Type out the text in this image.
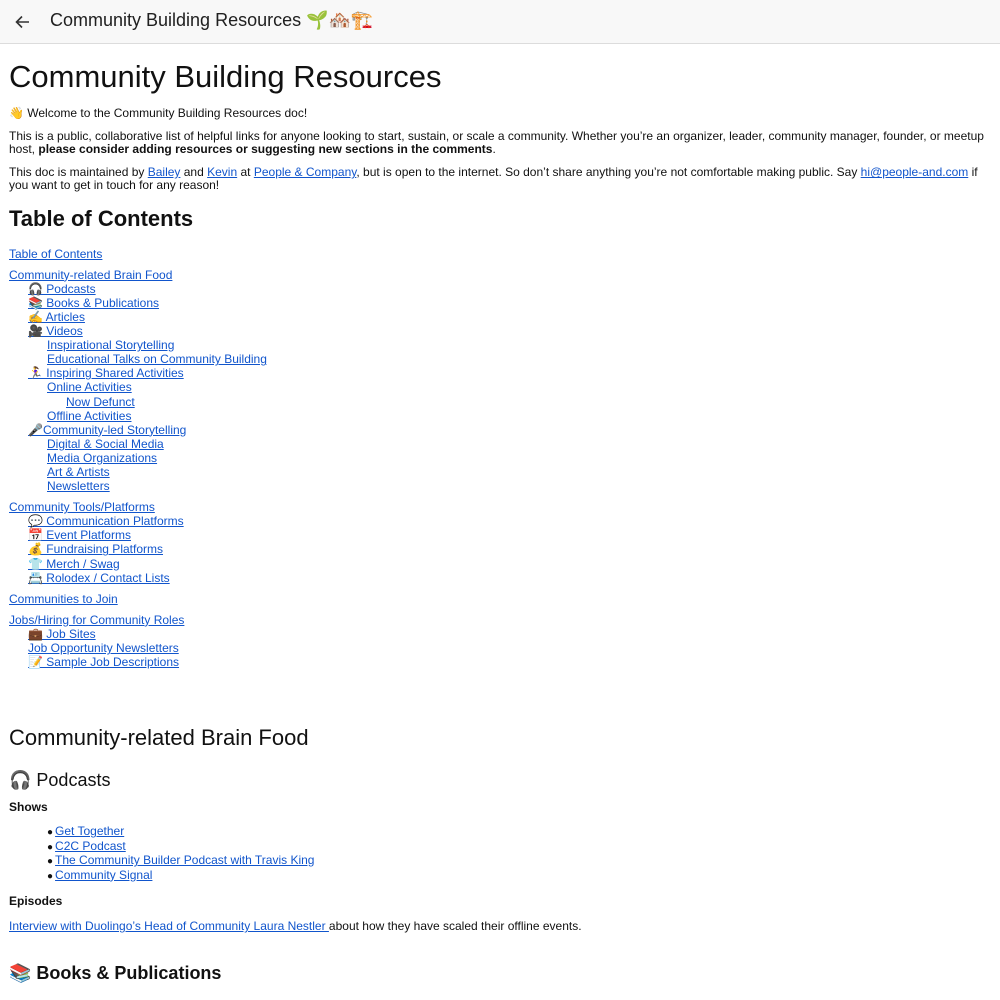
Community Building Resources 🌱🏘️🏗️
Community Building Resources

👋 Welcome to the Community Building Resources doc!

This is a public, collaborative list of helpful links for anyone looking to start, sustain, or scale a community. Whether you’re an organizer, leader, community manager, founder, or meetup host, please consider adding resources or suggesting new sections in the comments.

This doc is maintained by Bailey and Kevin at People & Company, but is open to the internet. So don’t share anything you’re not comfortable making public. Say hi@people-and.com if you want to get in touch for any reason!

Table of Contents
Table of Contents
Community-related Brain Food
🎧 Podcasts
📚 Books & Publications
✍️ Articles
🎥 Videos
Inspirational Storytelling
Educational Talks on Community Building
🏃‍♀️ Inspiring Shared Activities
Online Activities
Now Defunct
Offline Activities
🎤Community-led Storytelling
Digital & Social Media
Media Organizations
Art & Artists
Newsletters
Community Tools/Platforms
💬 Communication Platforms
📅 Event Platforms
💰 Fundraising Platforms
👕 Merch / Swag
📇 Rolodex / Contact Lists
Communities to Join
Jobs/Hiring for Community Roles
💼 Job Sites
Job Opportunity Newsletters
📝 Sample Job Descriptions
Community-related Brain Food
🎧 Podcasts

Shows

● Get Together
● C2C Podcast
● The Community Builder Podcast with Travis King
● Community Signal

Episodes

Interview with Duolingo’s Head of Community Laura Nestler about how they have scaled their offline events.

📚 Books & Publications
